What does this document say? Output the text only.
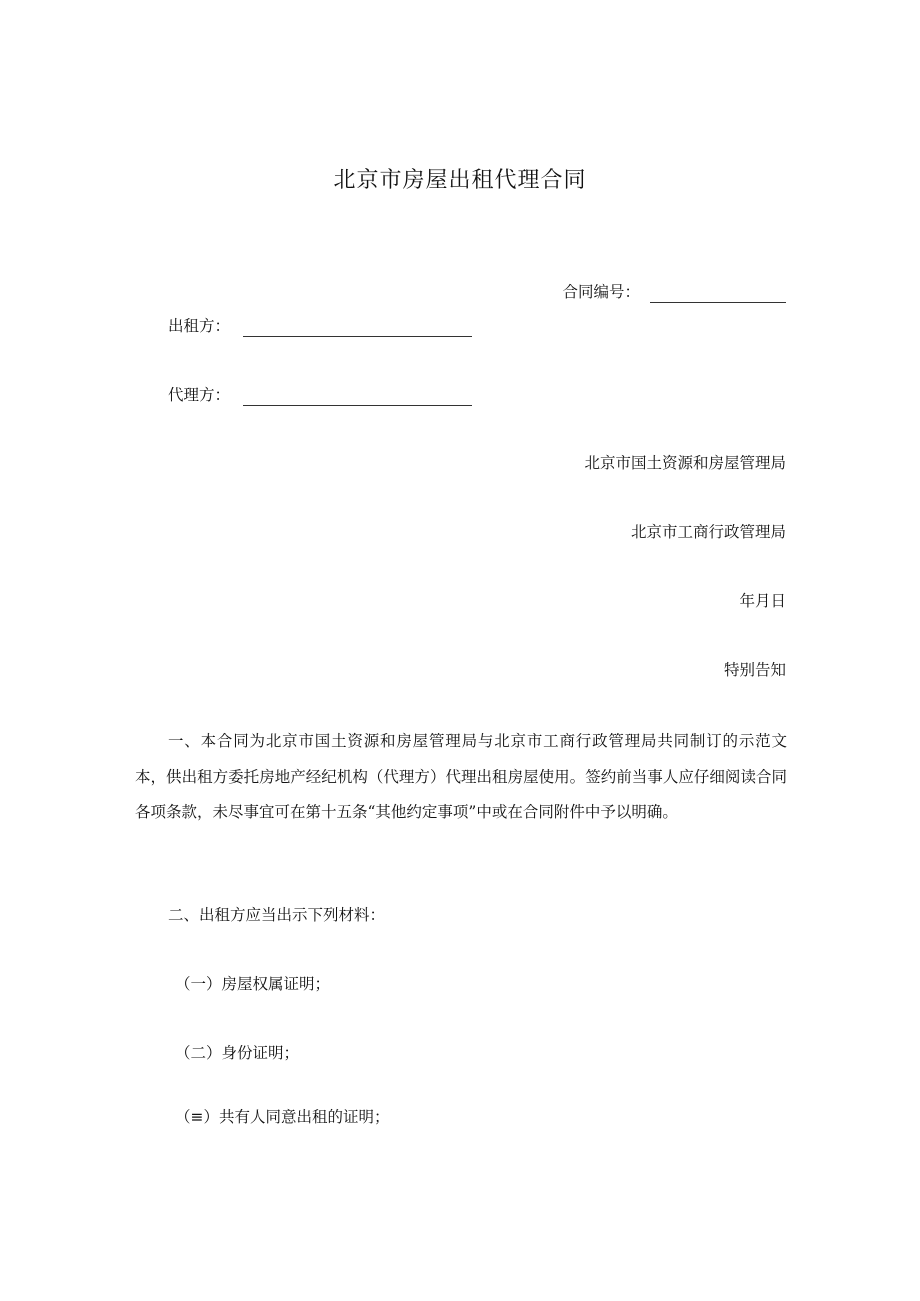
北京市房屋出租代理合同
合同编号：
出租方：
代理方：
北京市国土资源和房屋管理局
北京市工商行政管理局
年月日
特别告知
一、本合同为北京市国土资源和房屋管理局与北京市工商行政管理局共同制订的示范文本，供出租方委托房地产经纪机构（代理方）代理出租房屋使用。签约前当事人应仔细阅读合同各项条款，未尽事宜可在第十五条“其他约定事项”中或在合同附件中予以明确。
二、出租方应当出示下列材料：
（一）房屋权属证明；
（二）身份证明；
（≡）共有人同意出租的证明；
